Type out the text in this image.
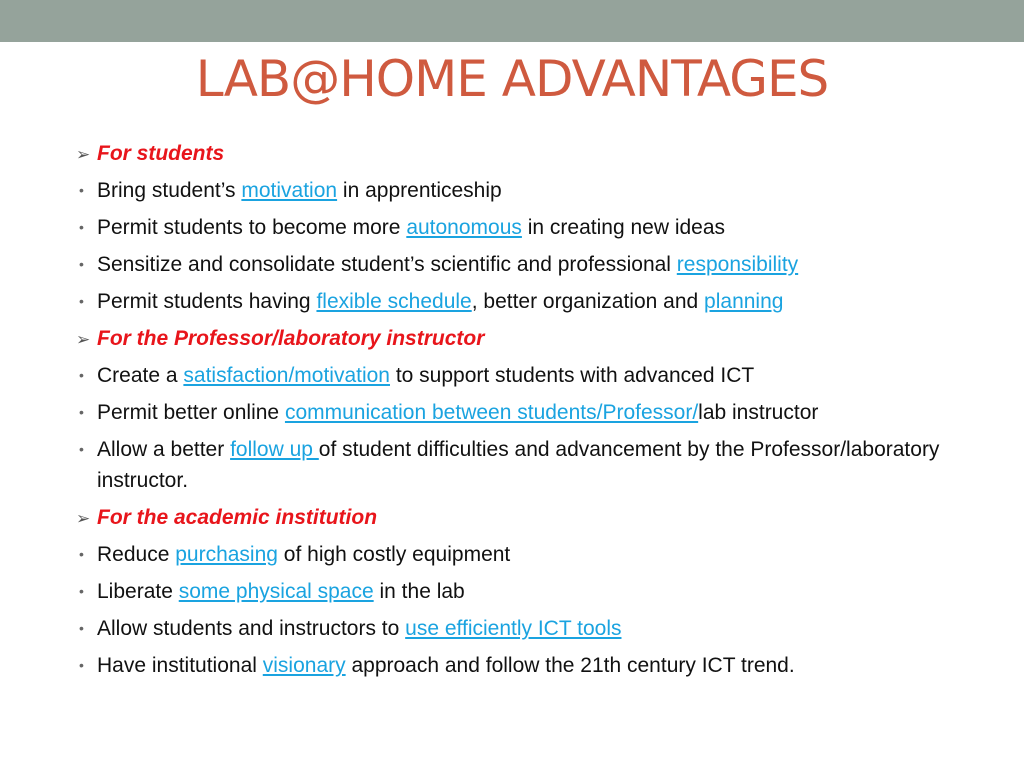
LAB@HOME ADVANTAGES
➢ For students
• Bring student’s motivation in apprenticeship
• Permit students to become more autonomous in creating new ideas
• Sensitize and consolidate student’s scientific and professional responsibility
• Permit students having flexible schedule, better organization and planning
➢ For the Professor/laboratory instructor
• Create a satisfaction/motivation to support students with advanced ICT
• Permit better online communication between students/Professor/lab instructor
• Allow a better follow up of student difficulties and advancement by the Professor/laboratory instructor.
➢ For the academic institution
• Reduce purchasing of high costly equipment
• Liberate some physical space in the lab
• Allow students and instructors to use efficiently ICT tools
• Have institutional visionary approach and follow the 21th century ICT trend.
